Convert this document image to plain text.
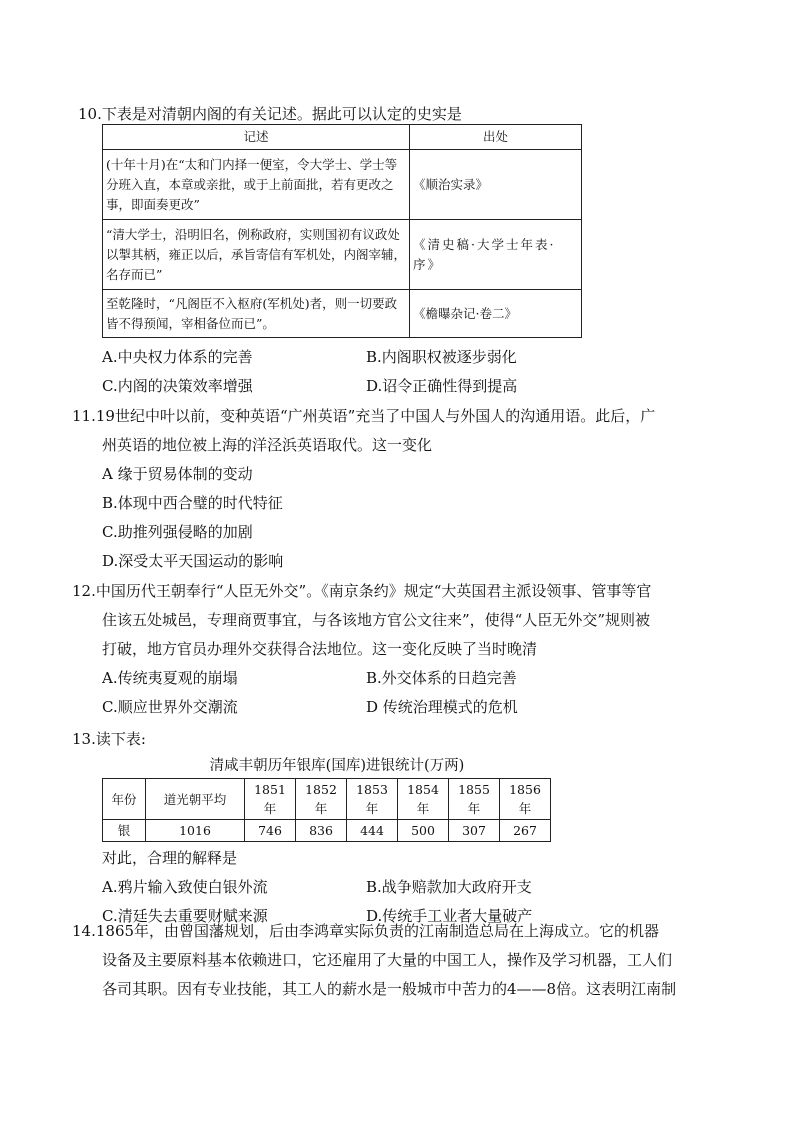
10.下表是对清朝内阁的有关记述。据此可以认定的史实是

记述	出处
(十年十月)在“太和门内择一便室，令大学士、学士等分班入直，本章或亲批，或于上前面批，若有更改之事，即面奏更改”	《顺治实录》
“清大学士，沿明旧名，例称政府，实则国初有议政处以掣其柄，雍正以后，承旨寄信有军机处，内阁宰辅，名存而已”	《清史稿·大学士年表·序》
至乾隆时，“凡阁臣不入枢府(军机处)者，则一切要政皆不得预闻，宰相备位而已”。	《檐曝杂记·卷二》
A.中央权力体系的完善	B.内阁职权被逐步弱化
C.内阁的决策效率增强	D.诏令正确性得到提高
11.19世纪中叶以前，变种英语“广州英语”充当了中国人与外国人的沟通用语。此后，广
州英语的地位被上海的洋泾浜英语取代。这一变化
A 缘于贸易体制的变动
B.体现中西合璧的时代特征
C.助推列强侵略的加剧
D.深受太平天国运动的影响
12.中国历代王朝奉行“人臣无外交”。《南京条约》规定“大英国君主派设领事、管事等官
住该五处城邑，专理商贾事宜，与各该地方官公文往来”，使得“人臣无外交”规则被
打破，地方官员办理外交获得合法地位。这一变化反映了当时晚清
A.传统夷夏观的崩塌	B.外交体系的日趋完善
C.顺应世界外交潮流	D 传统治理模式的危机
13.读下表:
清咸丰朝历年银库(国库)进银统计(万两)
年份	道光朝平均	1851年	1852年	1853年	1854年	1855年	1856年
银	1016	746	836	444	500	307	267
对此，合理的解释是
A.鸦片输入致使白银外流	B.战争赔款加大政府开支
C.清廷失去重要财赋来源	D.传统手工业者大量破产
14.1865年，由曾国藩规划，后由李鸿章实际负责的江南制造总局在上海成立。它的机器
设备及主要原料基本依赖进口，它还雇用了大量的中国工人，操作及学习机器，工人们
各司其职。因有专业技能，其工人的薪水是一般城市中苦力的4——8倍。这表明江南制
